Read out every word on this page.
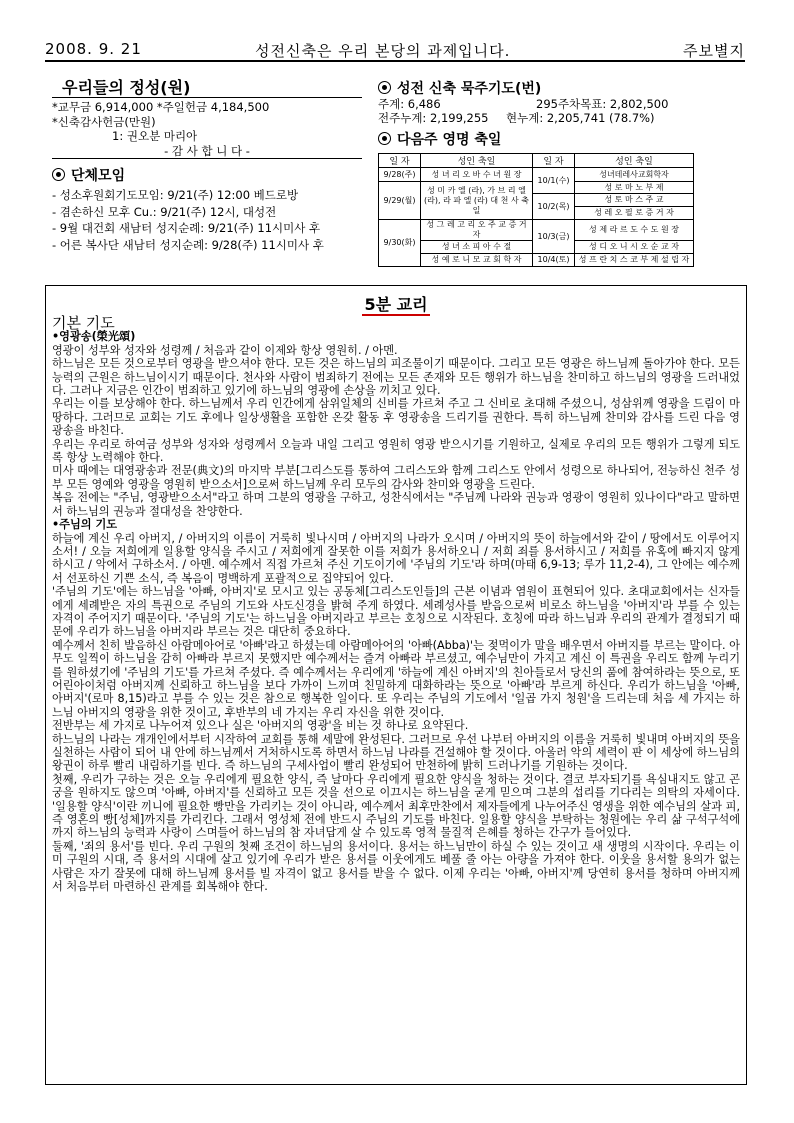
2008. 9. 21	성전신축은 우리 본당의 과제입니다.	주보별지
우리들의 정성(원)
*교무금 6,914,000 *주일헌금 4,184,500
*신축감사헌금(만원)
1: 권오분 마리아
- 감 사 합 니 다 -
단체모임
- 성소후원회기도모임: 9/21(주) 12:00 베드로방
- 겸손하신 모후 Cu.: 9/21(주) 12시, 대성전
- 9월 대건회 새남터 성지순례: 9/21(주) 11시미사 후
- 어른 복사단 새남터 성지순례: 9/28(주) 11시미사 후
성전 신축 묵주기도(번)
주계: 6,486	295주차목표: 2,802,500
전주누계: 2,199,255 현누계: 2,205,741 (78.7%)
다음주 영명 축일
일 자	성인 축일	일 자	성인 축일
9/28(주)	성 녀 리 오 바 수 녀 원 장	10/1(수)	성녀데레사교회학자
9/29(월)	성 미 카 엘 (라), 가 브 리 엘 (라), 라 파 엘 (라) 대 천 사 축 일		성 로 마 노 부 제
		10/2(목)	성 토 마 스 주 교
			성 레 오 필 로 증 거 자
9/30(화)	성 그 레 고 리 오 주 교 증 거 자	10/3(금)	성 제 라 르 도 수 도 원 장
	성 녀 소 피 아 수 절		성 디 오 니 시 오 순 교 자
	성 예 로 니 모 교 회 학 자	10/4(토)	성 프 란 치 스 코 부 제 설 립 자
5분 교리
기본 기도

•영광송(榮光頌)

영광이 성부와 성자와 성령께 / 처음과 같이 이제와 항상 영원히. / 아멘.

하느님은 모든 것으로부터 영광을 받으셔야 한다. 모든 것은 하느님의 피조물이기 때문이다. 그리고 모든 영광은 하느님께 돌아가야 한다. 모든 능력의 근원은 하느님이시기 때문이다. 천사와 사람이 범죄하기 전에는 모든 존재와 모든 행위가 하느님을 찬미하고 하느님의 영광을 드러내었다. 그러나 지금은 인간이 범죄하고 있기에 하느님의 영광에 손상을 끼치고 있다.

우리는 이를 보상해야 한다. 하느님께서 우리 인간에게 삼위일체의 신비를 가르쳐 주고 그 신비로 초대해 주셨으니, 성삼위께 영광을 드림이 마땅하다. 그러므로 교회는 기도 후에나 일상생활을 포함한 온갖 활동 후 영광송을 드리기를 권한다. 특히 하느님께 찬미와 감사를 드린 다음 영광송을 바친다.

우리는 우리로 하여금 성부와 성자와 성령께서 오늘과 내일 그리고 영원히 영광 받으시기를 기원하고, 실제로 우리의 모든 행위가 그렇게 되도록 항상 노력해야 한다.

미사 때에는 대영광송과 전문(典文)의 마지막 부분[그리스도를 통하여 그리스도와 함께 그리스도 안에서 성령으로 하나되어, 전능하신 천주 성부 모든 영예와 영광을 영원히 받으소서]으로써 하느님께 우리 모두의 감사와 찬미와 영광을 드린다.

복음 전에는 "주님, 영광받으소서"라고 하며 그분의 영광을 구하고, 성찬식에서는 "주님께 나라와 권능과 영광이 영원히 있나이다"라고 말하면서 하느님의 권능과 절대성을 찬양한다.

•주님의 기도

하늘에 계신 우리 아버지, / 아버지의 이름이 거룩히 빛나시며 / 아버지의 나라가 오시며 / 아버지의 뜻이 하늘에서와 같이 / 땅에서도 이루어지소서! / 오늘 저희에게 일용할 양식을 주시고 / 저희에게 잘못한 이를 저희가 용서하오니 / 저희 죄를 용서하시고 / 저희를 유혹에 빠지지 않게 하시고 / 악에서 구하소서. / 아멘. 예수께서 직접 가르쳐 주신 기도이기에 '주님의 기도'라 하며(마태 6,9-13; 루가 11,2-4), 그 안에는 예수께서 선포하신 기쁜 소식, 즉 복음이 명백하게 포괄적으로 집약되어 있다.

'주님의 기도'에는 하느님을 '아빠, 아버지'로 모시고 있는 공동체[그리스도인들]의 근본 이념과 염원이 표현되어 있다. 초대교회에서는 신자들에게 세례받은 자의 특권으로 주님의 기도와 사도신경을 밝혀 주게 하였다. 세례성사를 받음으로써 비로소 하느님을 '아버지'라 부를 수 있는 자격이 주어지기 때문이다. '주님의 기도'는 하느님을 아버지라고 부르는 호칭으로 시작된다. 호칭에 따라 하느님과 우리의 관계가 결정되기 때문에 우리가 하느님을 아버지라 부르는 것은 대단히 중요하다.

예수께서 친히 발음하신 아람메아어로 '아빠'라고 하셨는데 아람메아어의 '아빠(Abba)'는 젖먹이가 말을 배우면서 아버지를 부르는 말이다. 아무도 일찍이 하느님을 감히 아빠라 부르지 못했지만 예수께서는 즐겨 아빠라 부르셨고, 예수님만이 가지고 계신 이 특권을 우리도 함께 누리기를 원하셨기에 '주님의 기도'를 가르쳐 주셨다. 즉 예수께서는 우리에게 '하늘에 계신 아버지'의 친아들로서 당신의 품에 참여하라는 뜻으로, 또 어린아이처럼 아버지께 신뢰하고 하느님을 보다 가까이 느끼며 친밀하게 대화하라는 뜻으로 '아빠'라 부르게 하신다. 우리가 하느님을 '아빠, 아버지'(로마 8,15)라고 부를 수 있는 것은 참으로 행복한 일이다. 또 우리는 주님의 기도에서 '일곱 가지 청원'을 드리는데 처음 세 가지는 하느님 아버지의 영광을 위한 것이고, 후반부의 네 가지는 우리 자신을 위한 것이다.

전반부는 세 가지로 나누어져 있으나 실은 '아버지의 영광'을 비는 것 하나로 요약된다.

하느님의 나라는 개개인에서부터 시작하여 교회를 통해 세말에 완성된다. 그러므로 우선 나부터 아버지의 이름을 거룩히 빛내며 아버지의 뜻을 실천하는 사람이 되어 내 안에 하느님께서 거처하시도록 하면서 하느님 나라를 건설해야 할 것이다. 아울러 악의 세력이 판 이 세상에 하느님의 왕권이 하루 빨리 내림하기를 빈다. 즉 하느님의 구세사업이 빨리 완성되어 만천하에 밝히 드러나기를 기원하는 것이다.

첫째, 우리가 구하는 것은 오늘 우리에게 필요한 양식, 즉 날마다 우리에게 필요한 양식을 청하는 것이다. 결코 부자되기를 욕심내지도 않고 곤궁을 원하지도 않으며 '아빠, 아버지'를 신뢰하고 모든 것을 선으로 이끄시는 하느님을 굳게 믿으며 그분의 섭리를 기다리는 의탁의 자세이다. '일용할 양식'이란 끼니에 필요한 빵만을 가리키는 것이 아니라, 예수께서 최후만찬에서 제자들에게 나누어주신 영생을 위한 예수님의 살과 피, 즉 영혼의 빵[성체]까지를 가리킨다. 그래서 영성체 전에 반드시 주님의 기도를 바친다. 일용할 양식을 부탁하는 청원에는 우리 삶 구석구석에까지 하느님의 능력과 사랑이 스며들어 하느님의 참 자녀답게 살 수 있도록 영적 물질적 은혜를 청하는 간구가 들어있다.

둘째, '죄의 용서'를 빈다. 우리 구원의 첫째 조건이 하느님의 용서이다. 용서는 하느님만이 하실 수 있는 것이고 새 생명의 시작이다. 우리는 이미 구원의 시대, 즉 용서의 시대에 살고 있기에 우리가 받은 용서를 이웃에게도 베풀 줄 아는 아량을 가져야 한다. 이웃을 용서할 용의가 없는 사람은 자기 잘못에 대해 하느님께 용서를 빌 자격이 없고 용서를 받을 수 없다. 이제 우리는 '아빠, 아버지'께 당연히 용서를 청하며 아버지께서 처음부터 마련하신 관계를 회복해야 한다.
